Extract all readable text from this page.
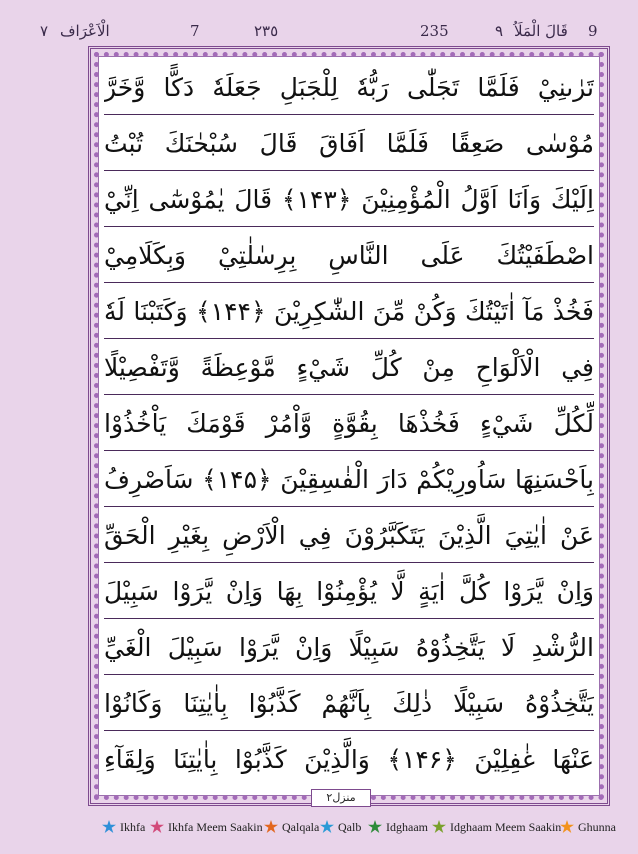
٧ الْاَعْرَاف	7	٢٣٥	235	٩ قَالَ الْمَلَاُ 9
تَرٰىنِيْ فَلَمَّا تَجَلّٰى رَبُّهٗ لِلْجَبَلِ جَعَلَهٗ دَكًّا وَّخَرَّ
مُوْسٰى صَعِقًا فَلَمَّا اَفَاقَ قَالَ سُبْحٰنَكَ تُبْتُ
اِلَيْكَ وَاَنَا اَوَّلُ الْمُؤْمِنِيْنَ ﴿۱۴۳﴾ قَالَ يٰمُوْسٰٓى اِنِّيْ
اصْطَفَيْتُكَ عَلَى النَّاسِ بِرِسٰلٰتِيْ وَبِكَلَامِيْ
فَخُذْ مَآ اٰتَيْتُكَ وَكُنْ مِّنَ الشّٰكِرِيْنَ ﴿۱۴۴﴾ وَكَتَبْنَا لَهٗ
فِي الْاَلْوَاحِ مِنْ كُلِّ شَيْءٍ مَّوْعِظَةً وَّتَفْصِيْلًا
لِّكُلِّ شَيْءٍ فَخُذْهَا بِقُوَّةٍ وَّاْمُرْ قَوْمَكَ يَاْخُذُوْا
بِاَحْسَنِهَا سَاُورِيْكُمْ دَارَ الْفٰسِقِيْنَ ﴿۱۴۵﴾ سَاَصْرِفُ
عَنْ اٰيٰتِيَ الَّذِيْنَ يَتَكَبَّرُوْنَ فِي الْاَرْضِ بِغَيْرِ الْحَقِّ
وَاِنْ يَّرَوْا كُلَّ اٰيَةٍ لَّا يُؤْمِنُوْا بِهَا وَاِنْ يَّرَوْا سَبِيْلَ
الرُّشْدِ لَا يَتَّخِذُوْهُ سَبِيْلًا وَاِنْ يَّرَوْا سَبِيْلَ الْغَيِّ
يَتَّخِذُوْهُ سَبِيْلًا ذٰلِكَ بِاَنَّهُمْ كَذَّبُوْا بِاٰيٰتِنَا وَكَانُوْا
عَنْهَا غٰفِلِيْنَ ﴿۱۴۶﴾ وَالَّذِيْنَ كَذَّبُوْا بِاٰيٰتِنَا وَلِقَآءِ
منزل٢
Ikhfa Ikhfa Meem Saakin Qalqala Qalb Idghaam Idghaam Meem Saakin Ghunna
